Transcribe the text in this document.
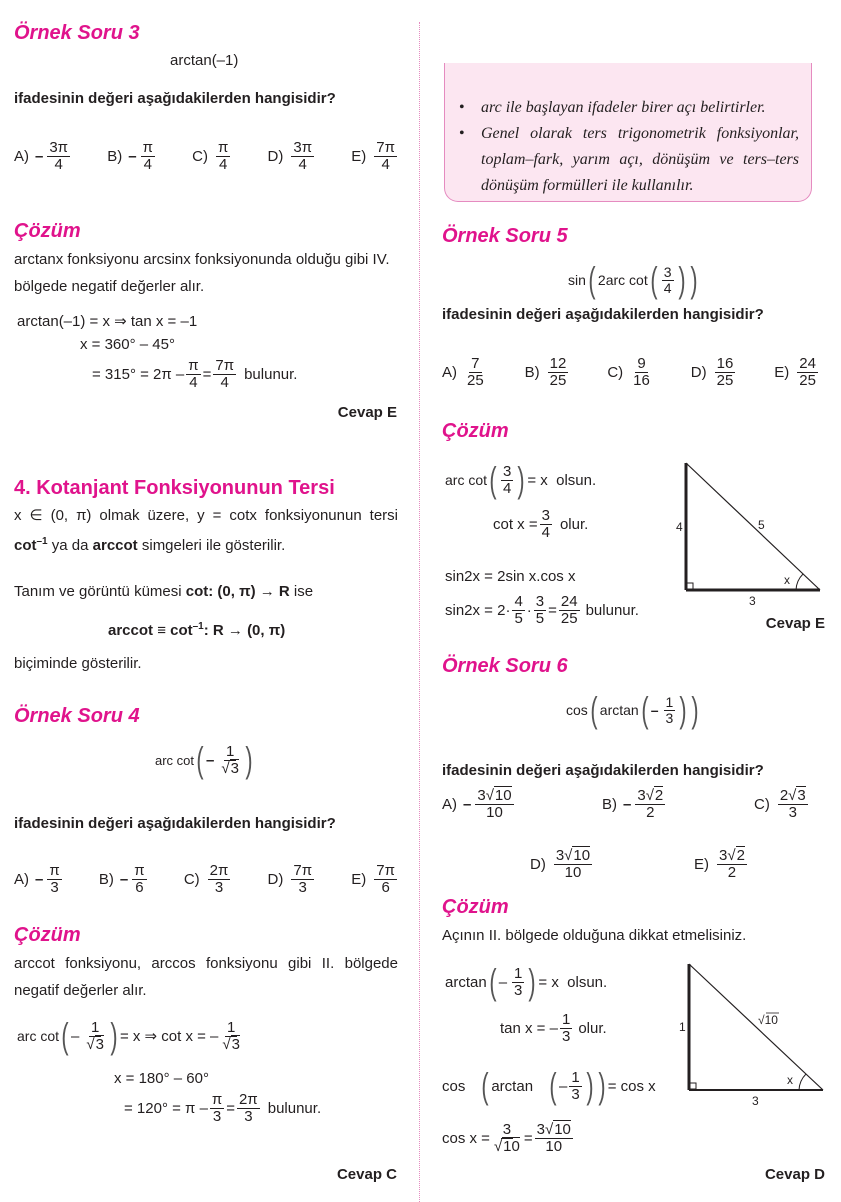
Örnek Soru 3
arctan(–1)
ifadesinin değeri aşağıdakilerden hangisidir?
$A) - \frac{3\pi}{4} B) - \frac{\pi}{4} C) \frac{\pi}{4} D) \frac{3\pi}{4} E) \frac{7\pi}{4}$
Çözüm
arctanx fonksiyonu arcsinx fonksiyonunda olduğu gibi IV. bölgede negatif değerler alır.
arctan(–1) = x ⇒ tan x = –1
x = 360° – 45°
= $315^\circ = 2\pi - \frac{\pi}{4} = \frac{7\pi}{4}$ bulunur.
Cevap E
4. Kotanjant Fonksiyonunun Tersi
x ∈ (0, π) olmak üzere, y = cotx fonksiyonunun tersi
$\cot^{-1}$ ya da arccot simgeleri ile gösterilir.
Tanım ve görüntü kümesi cot: (0, π) → R ise
$arccot \equiv \cot^{-1}$: R → (0, π)
biçiminde gösterilir.
Örnek Soru 4
arc cot ( – $\frac{1}{√3}$ )
ifadesinin değeri aşağıdakilerden hangisidir?
$A) - \frac{\pi}{3} B) - \frac{\pi}{6} C) \frac{2\pi}{3} D) \frac{7\pi}{3} E) \frac{7\pi}{6}$
Çözüm
arccot fonksiyonu, arccos fonksiyonu gibi II. bölgede negatif değerler alır.
arc cot ( – $\frac{1}{√3}$ ) = x ⇒ cot x = – $\frac{1}{√3}$
x = 180° – 60°
= $120^\circ = \pi - \frac{\pi}{3} = \frac{2\pi}{3}$ bulunur.
Cevap C
• arc ile başlayan ifadeler birer açı belirtirler.
• Genel olarak ters trigonometrik fonksiyonlar, toplam–fark, yarım açı, dönüşüm ve ters–ters dönüşüm formülleri ile kullanılır.
Örnek Soru 5
sin ( 2arc cot ( $\frac{3}{4}$ ) )
ifadesinin değeri aşağıdakilerden hangisidir?
$A) \frac{7}{25}$	$B) \frac{12}{25}$	$C) \frac{9}{16}$	$D) \frac{16}{25}$	$E) \frac{24}{25}$
Çözüm
arc cot ( $\frac{3}{4}$ ) = x  olsun.
$\cot x = \frac{3}{4}$ olur.
sin2x = 2sin x.cos x
$\sin 2x = 2\cdot \frac{4}{5} \cdot \frac{3}{5} = \frac{24}{25}$ bulunur.
4	5
3
x
Cevap E
Örnek Soru 6
cos ( arctan ( – $\frac{1}{3}$ ) )
ifadesinin değeri aşağıdakilerden hangisidir?
$A) - \frac{3√10}{10}$	$B) - \frac{3√2}{2}$	$C) \frac{2√3}{3}$
$D) \frac{3√10}{10}$	$E) \frac{3√2}{2}$
Çözüm
Açının II. bölgede olduğuna dikkat etmelisiniz.
arctan ( – $\frac{1}{3}$ ) = x  olsun.
tan x = – $\frac{1}{3}$ olur.
cos ( arctan ( – $\frac{1}{3}$ ) ) = cos x
$\cos x = \frac{3}{√10} = \frac{3√10}{10}$
1	√10
3
x
Cevap D
